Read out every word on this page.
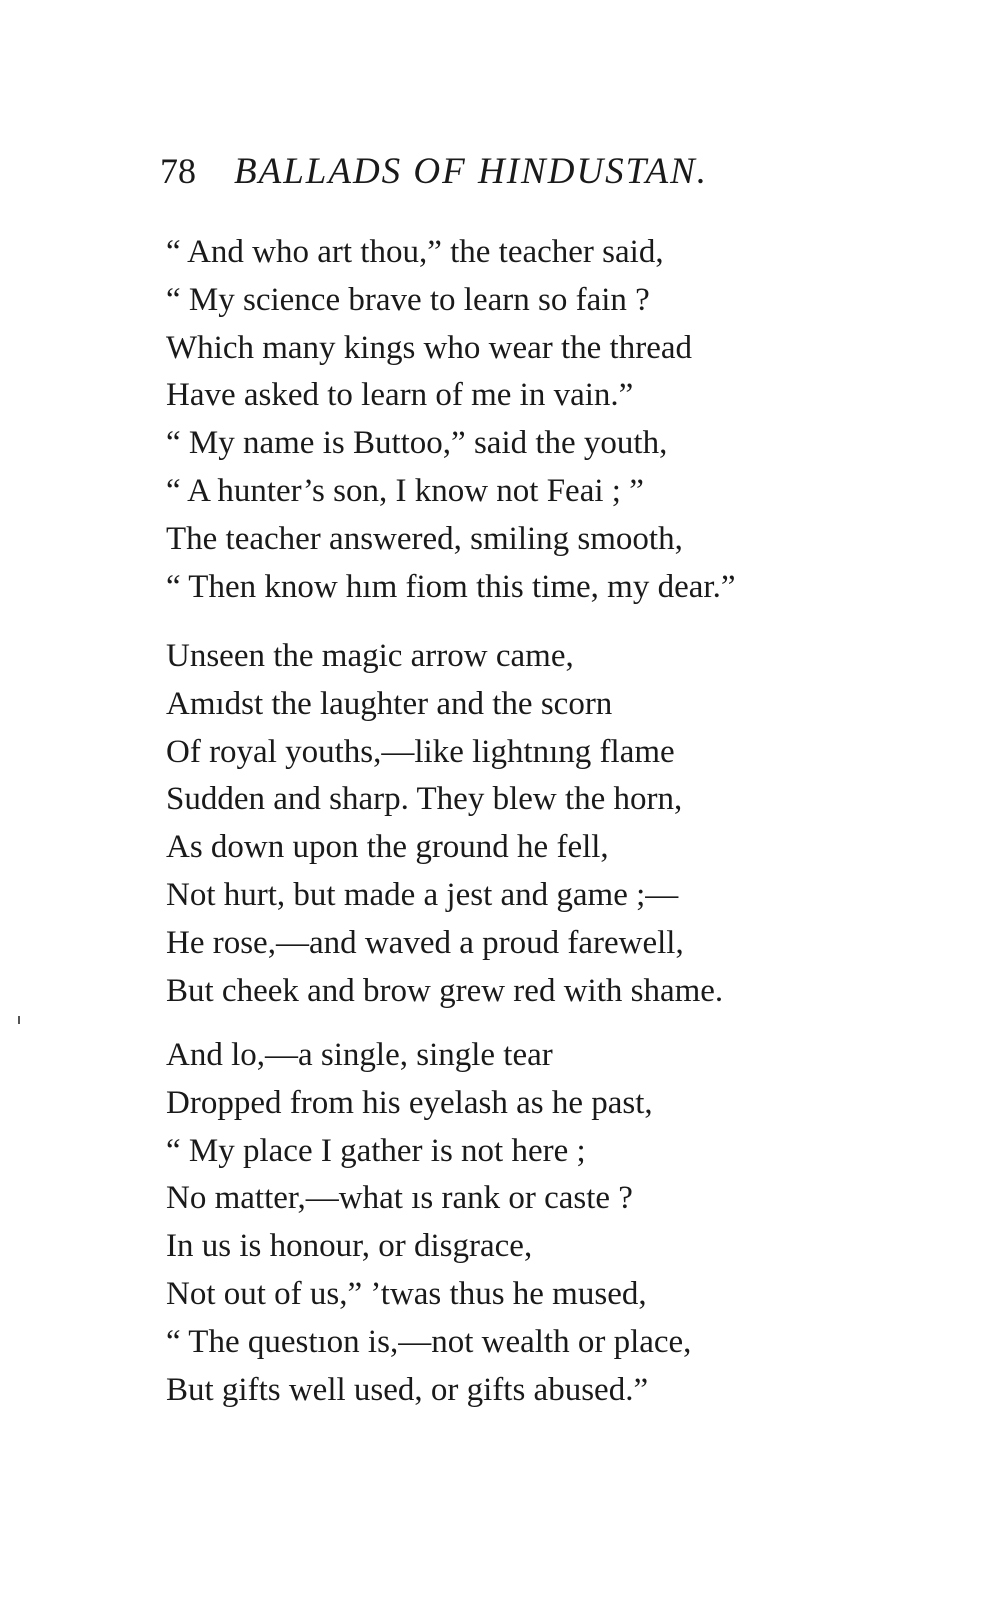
78 BALLADS OF HINDUSTAN.
“ And who art thou,” the teacher said,
“ My science brave to learn so fain ?
Which many kings who wear the thread
Have asked to learn of me in vain.”
“ My name is Buttoo,” said the youth,
“ A hunter’s son, I know not Feai ; ”
The teacher answered, smiling smooth,
“ Then know hım fiom this time, my dear.”
Unseen the magic arrow came,
Amıdst the laughter and the scorn
Of royal youths,—like lightnıng flame
Sudden and sharp. They blew the horn,
As down upon the ground he fell,
Not hurt, but made a jest and game ;—
He rose,—and waved a proud farewell,
But cheek and brow grew red with shame.
And lo,—a single, single tear
Dropped from his eyelash as he past,
“ My place I gather is not here ;
No matter,—what ıs rank or caste ?
In us is honour, or disgrace,
Not out of us,” ’twas thus he mused,
“ The questıon is,—not wealth or place,
But gifts well used, or gifts abused.”
